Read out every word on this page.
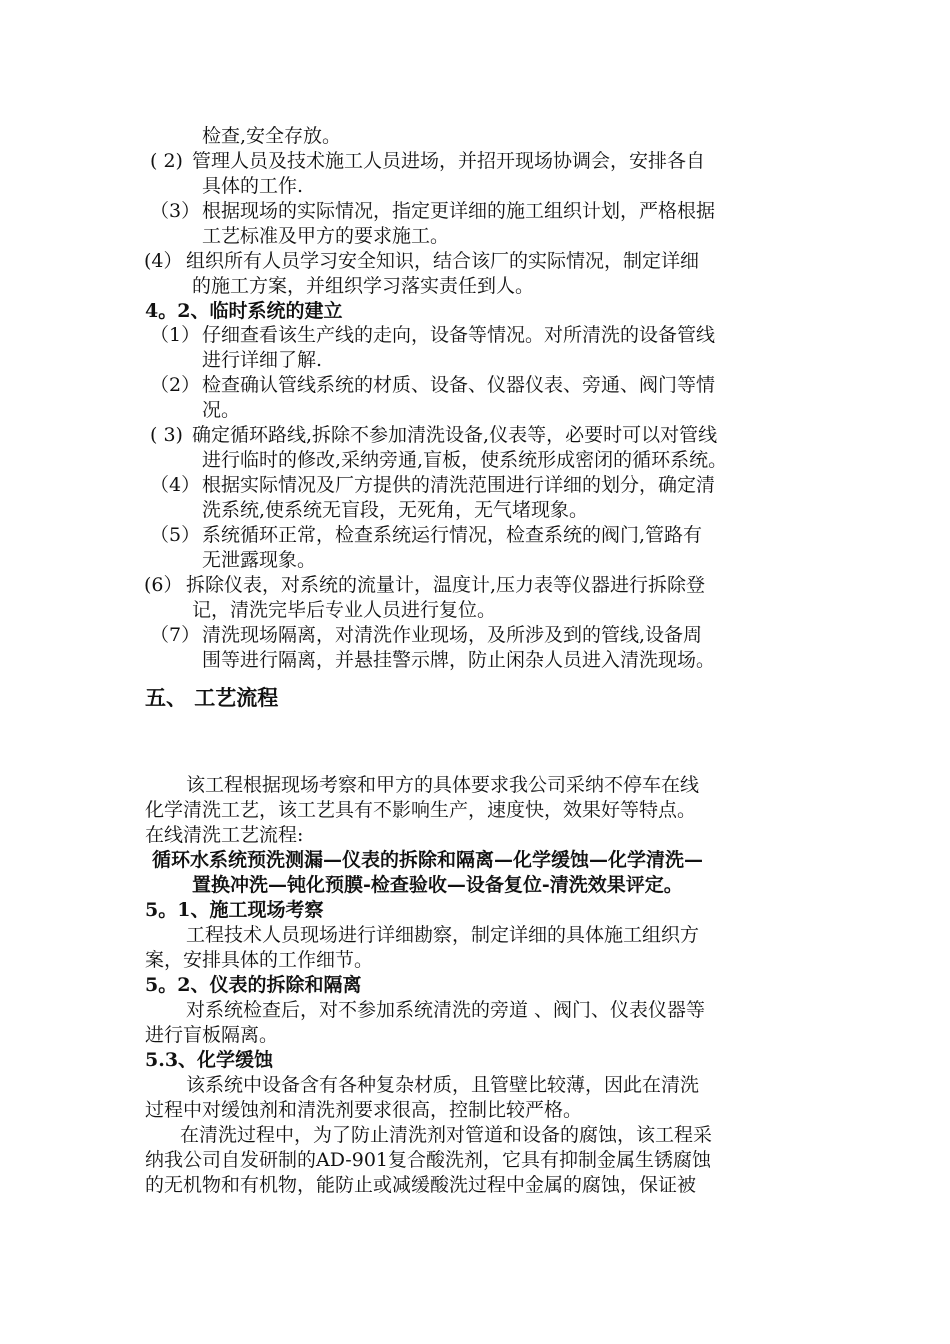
检查,安全存放。
( 2) 管理人员及技术施工人员进场，并招开现场协调会，安排各自
具体的工作.
（3） 根据现场的实际情况，指定更详细的施工组织计划，严格根据
工艺标准及甲方的要求施工。
(4） 组织所有人员学习安全知识，结合该厂的实际情况，制定详细
的施工方案，并组织学习落实责任到人。
4。2、临时系统的建立
（1） 仔细查看该生产线的走向，设备等情况。对所清洗的设备管线
进行详细了解.
（2） 检查确认管线系统的材质、设备、仪器仪表、旁通、阀门等情
况。
( 3) 确定循环路线,拆除不参加清洗设备,仪表等，必要时可以对管线
进行临时的修改,采纳旁通,盲板，使系统形成密闭的循环系统。
（4） 根据实际情况及厂方提供的清洗范围进行详细的划分，确定清
洗系统,使系统无盲段，无死角，无气堵现象。
（5） 系统循环正常，检查系统运行情况，检查系统的阀门,管路有
无泄露现象。
(6） 拆除仪表，对系统的流量计，温度计,压力表等仪器进行拆除登
记，清洗完毕后专业人员进行复位。
（7） 清洗现场隔离，对清洗作业现场，及所涉及到的管线,设备周
围等进行隔离，并悬挂警示牌，防止闲杂人员进入清洗现场。
五、 工艺流程
该工程根据现场考察和甲方的具体要求我公司采纳不停车在线
化学清洗工艺，该工艺具有不影响生产，速度快，效果好等特点。
在线清洗工艺流程:
循环水系统预洗测漏—仪表的拆除和隔离—化学缓蚀—化学清洗—
置换冲洗—钝化预膜-检查验收—设备复位-清洗效果评定。
5。1、施工现场考察
工程技术人员现场进行详细勘察，制定详细的具体施工组织方
案，安排具体的工作细节。
5。2、仪表的拆除和隔离
对系统检查后，对不参加系统清洗的旁道 、阀门、仪表仪器等
进行盲板隔离。
5.3、化学缓蚀
该系统中设备含有各种复杂材质，且管壁比较薄，因此在清洗
过程中对缓蚀剂和清洗剂要求很高，控制比较严格。
在清洗过程中，为了防止清洗剂对管道和设备的腐蚀，该工程采
纳我公司自发研制的AD-901复合酸洗剂，它具有抑制金属生锈腐蚀
的无机物和有机物，能防止或减缓酸洗过程中金属的腐蚀，保证被
